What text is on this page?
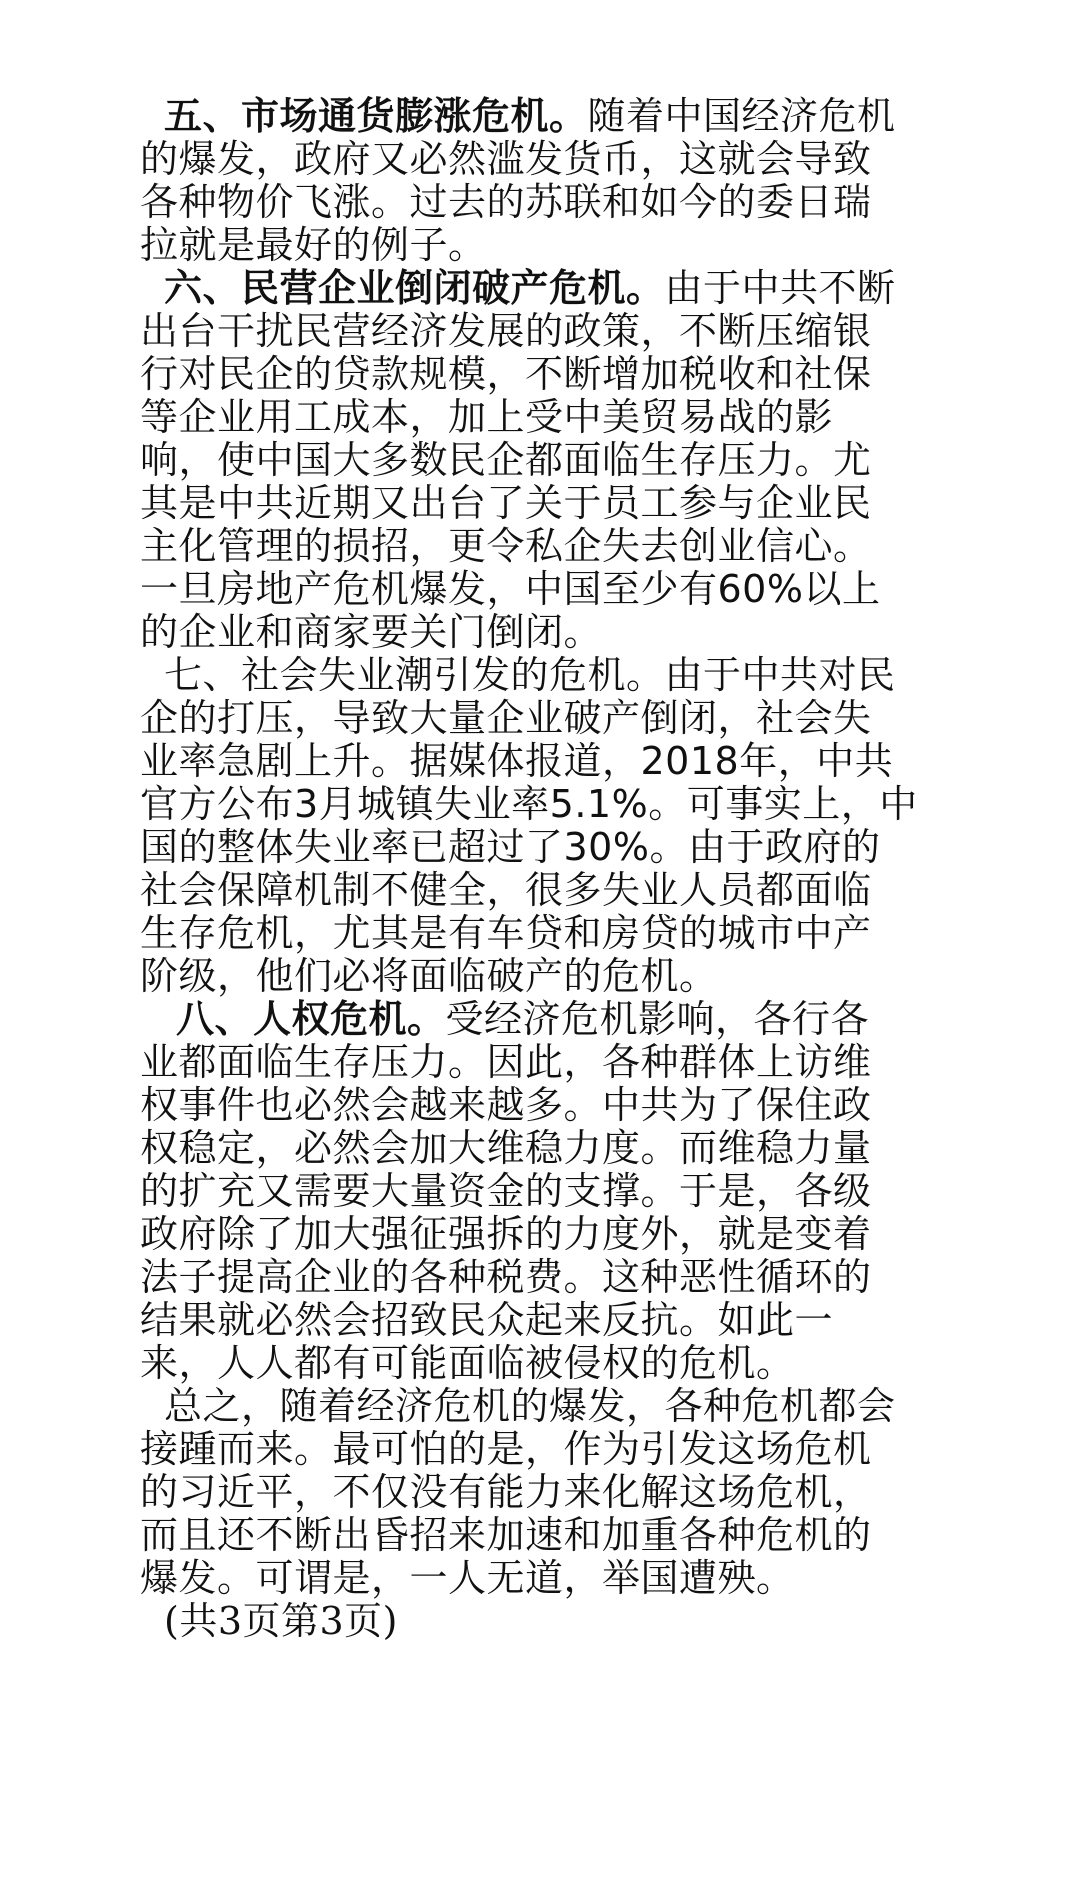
五、市场通货膨涨危机。随着中国经济危机
的爆发，政府又必然滥发货币，这就会导致
各种物价飞涨。过去的苏联和如今的委日瑞
拉就是最好的例子。
六、民营企业倒闭破产危机。由于中共不断
出台干扰民营经济发展的政策，不断压缩银
行对民企的贷款规模，不断增加税收和社保
等企业用工成本，加上受中美贸易战的影
响，使中国大多数民企都面临生存压力。尤
其是中共近期又出台了关于员工参与企业民
主化管理的损招，更令私企失去创业信心。
一旦房地产危机爆发，中国至少有60%以上
的企业和商家要关门倒闭。
七、社会失业潮引发的危机。由于中共对民
企的打压，导致大量企业破产倒闭，社会失
业率急剧上升。据媒体报道，2018年，中共
官方公布3月城镇失业率5.1%。可事实上，中
国的整体失业率已超过了30%。由于政府的
社会保障机制不健全，很多失业人员都面临
生存危机，尤其是有车贷和房贷的城市中产
阶级，他们必将面临破产的危机。
八、人权危机。受经济危机影响，各行各
业都面临生存压力。因此，各种群体上访维
权事件也必然会越来越多。中共为了保住政
权稳定，必然会加大维稳力度。而维稳力量
的扩充又需要大量资金的支撑。于是，各级
政府除了加大强征强拆的力度外，就是变着
法子提高企业的各种税费。这种恶性循环的
结果就必然会招致民众起来反抗。如此一
来，人人都有可能面临被侵权的危机。
总之，随着经济危机的爆发，各种危机都会
接踵而来。最可怕的是，作为引发这场危机
的习近平，不仅没有能力来化解这场危机，
而且还不断出昏招来加速和加重各种危机的
爆发。可谓是，一人无道，举国遭殃。
(共3页第3页)
